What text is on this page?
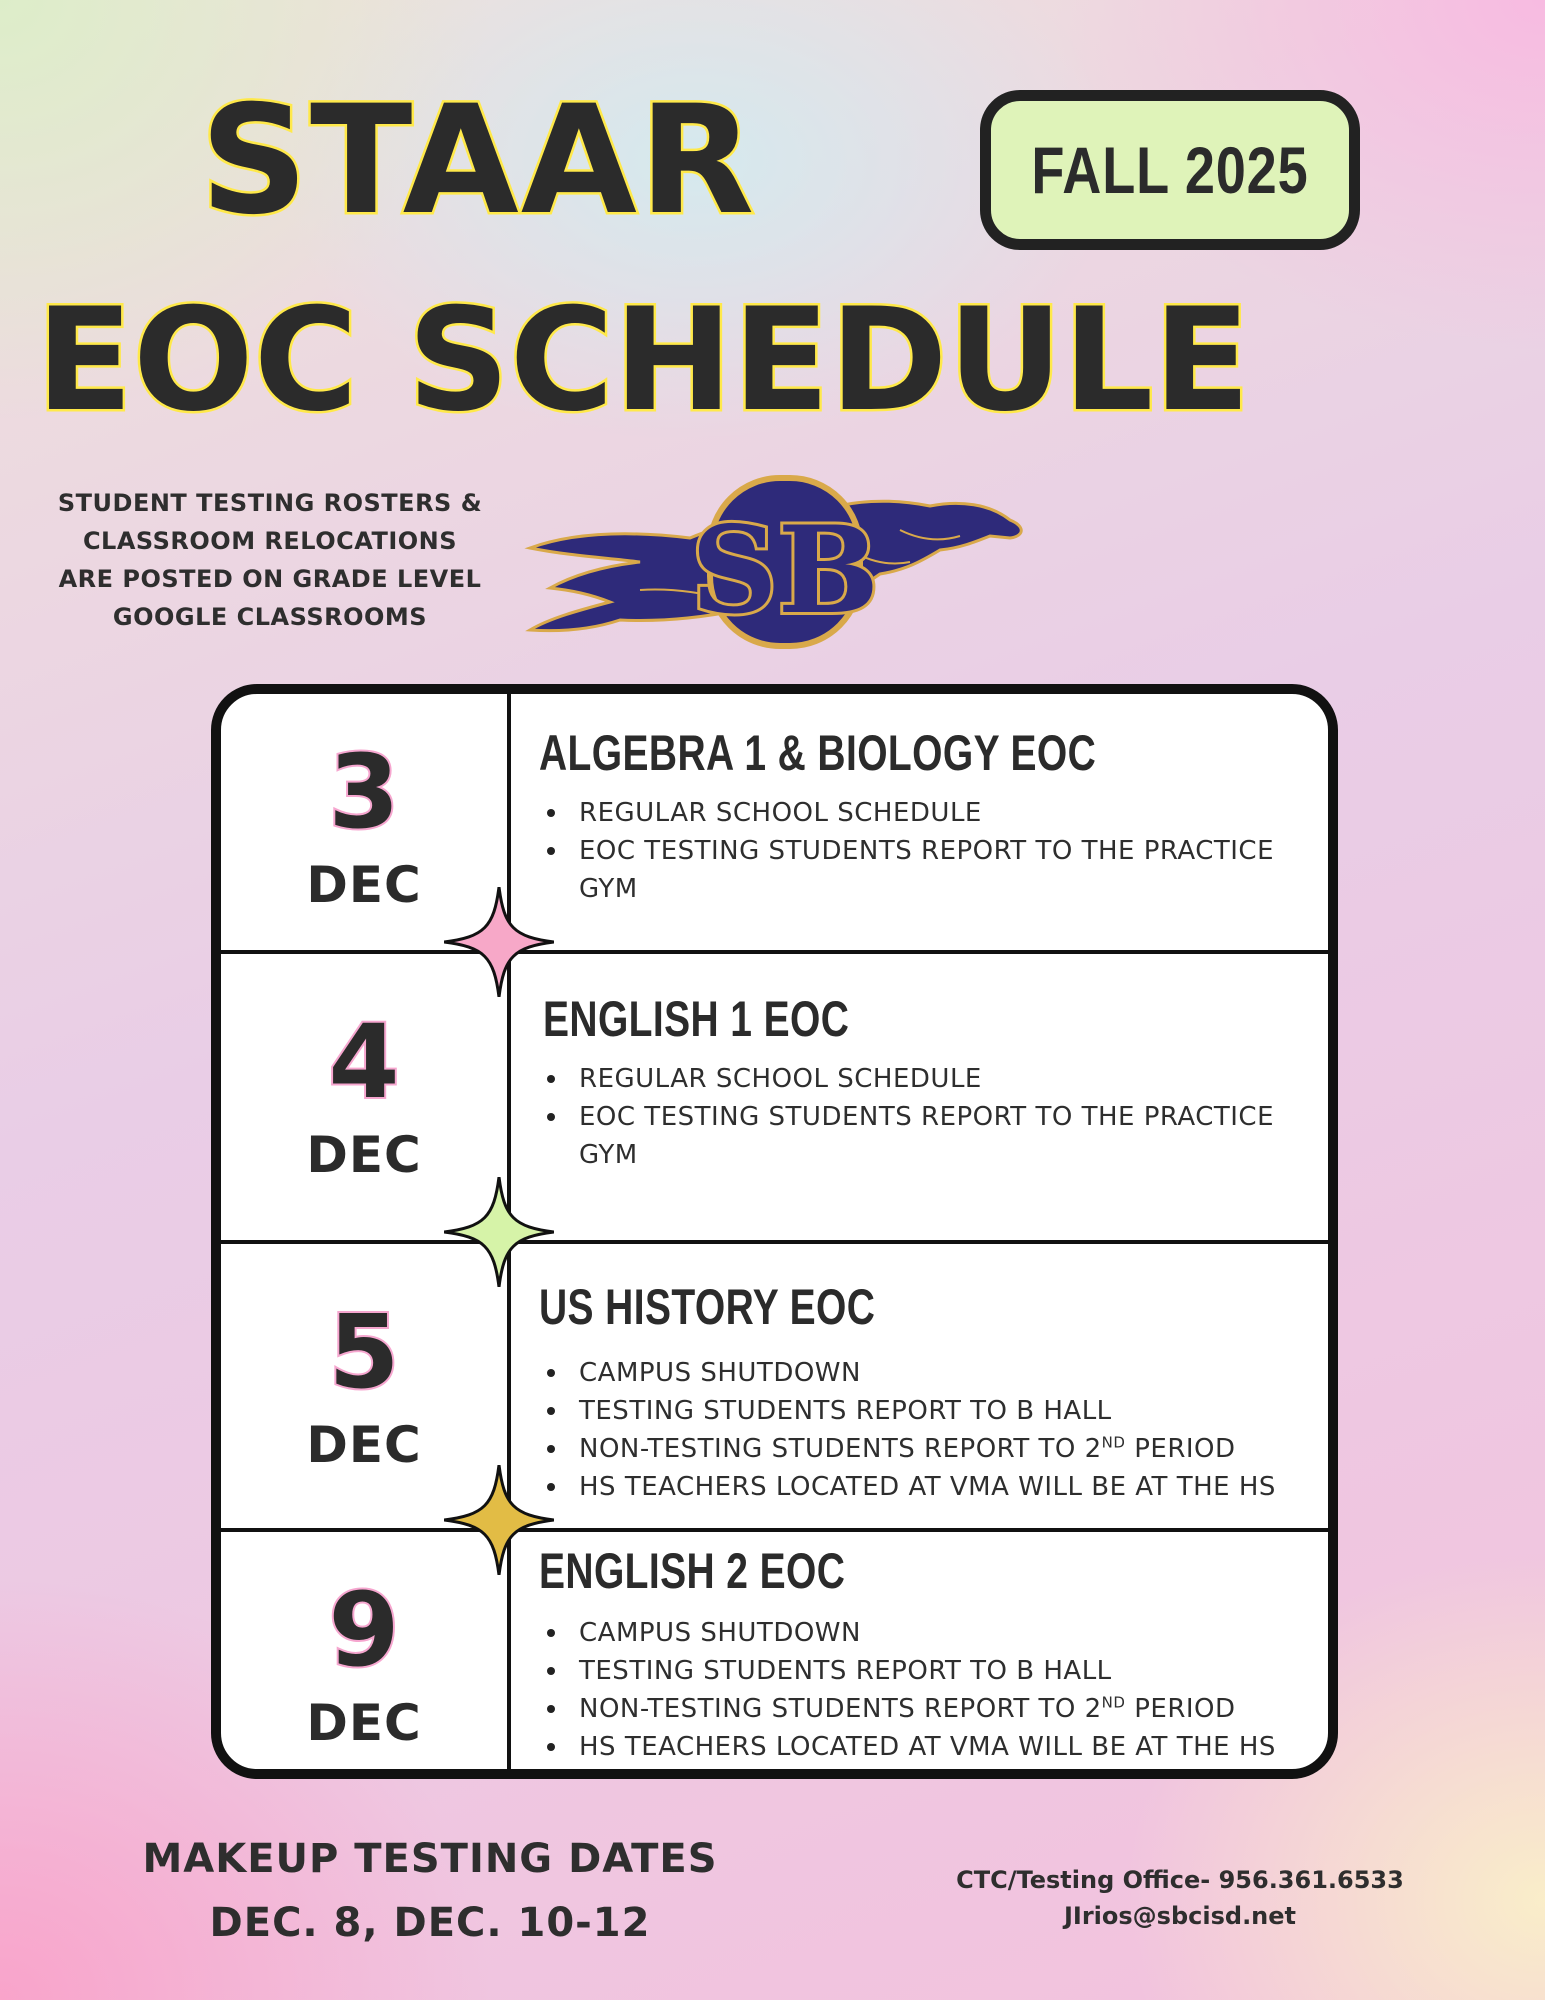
STAAR	FALL 2025
EOC SCHEDULE
STUDENT TESTING ROSTERS &
CLASSROOM RELOCATIONS
ARE POSTED ON GRADE LEVEL
GOOGLE CLASSROOMS	SB
3
DEC
ALGEBRA 1 & BIOLOGY EOC
REGULAR SCHOOL SCHEDULE
EOC TESTING STUDENTS REPORT TO THE PRACTICE GYM
4
DEC
ENGLISH 1 EOC
REGULAR SCHOOL SCHEDULE
EOC TESTING STUDENTS REPORT TO THE PRACTICE GYM
5
DEC
US HISTORY EOC
CAMPUS SHUTDOWN
TESTING STUDENTS REPORT TO B HALL
NON-TESTING STUDENTS REPORT TO 2ND PERIOD
HS TEACHERS LOCATED AT VMA WILL BE AT THE HS
9
DEC
ENGLISH 2 EOC
CAMPUS SHUTDOWN
TESTING STUDENTS REPORT TO B HALL
NON-TESTING STUDENTS REPORT TO 2ND PERIOD
HS TEACHERS LOCATED AT VMA WILL BE AT THE HS
MAKEUP TESTING DATES
DEC. 8, DEC. 10-12
CTC/Testing Office- 956.361.6533
JIrios@sbcisd.net
